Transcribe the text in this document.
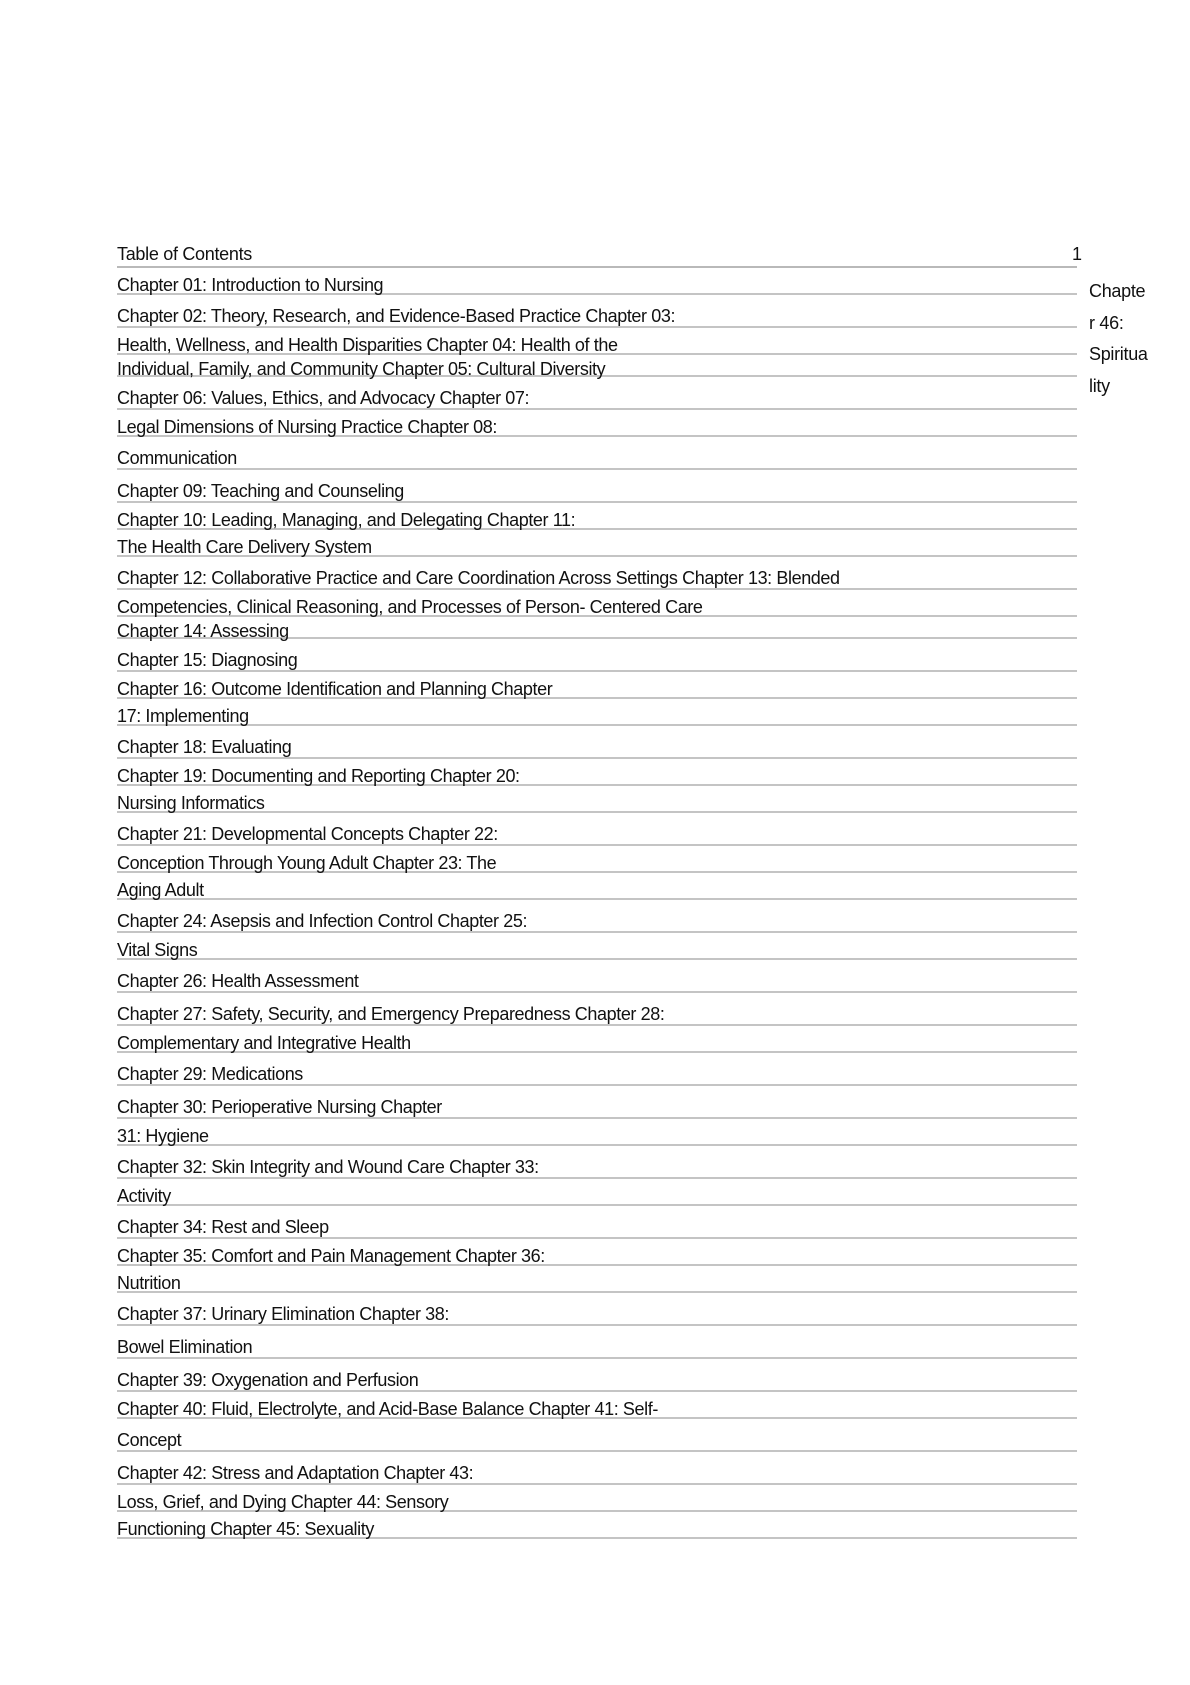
Table of Contents	1
Chapter 01: Introduction to Nursing
Chapter 02: Theory, Research, and Evidence-Based Practice Chapter 03:
Health, Wellness, and Health Disparities Chapter 04: Health of the
Individual, Family, and Community Chapter 05: Cultural Diversity
Chapter 06: Values, Ethics, and Advocacy Chapter 07:
Legal Dimensions of Nursing Practice Chapter 08:
Communication
Chapter 09: Teaching and Counseling
Chapter 10: Leading, Managing, and Delegating Chapter 11:
The Health Care Delivery System
Chapter 12: Collaborative Practice and Care Coordination Across Settings Chapter 13: Blended
Competencies, Clinical Reasoning, and Processes of Person- Centered Care
Chapter 14: Assessing
Chapter 15: Diagnosing
Chapter 16: Outcome Identification and Planning Chapter
17: Implementing
Chapter 18: Evaluating
Chapter 19: Documenting and Reporting Chapter 20:
Nursing Informatics
Chapter 21: Developmental Concepts Chapter 22:
Conception Through Young Adult Chapter 23: The
Aging Adult
Chapter 24: Asepsis and Infection Control Chapter 25:
Vital Signs
Chapter 26: Health Assessment
Chapter 27: Safety, Security, and Emergency Preparedness Chapter 28:
Complementary and Integrative Health
Chapter 29: Medications
Chapter 30: Perioperative Nursing Chapter
31: Hygiene
Chapter 32: Skin Integrity and Wound Care Chapter 33:
Activity
Chapter 34: Rest and Sleep
Chapter 35: Comfort and Pain Management Chapter 36:
Nutrition
Chapter 37: Urinary Elimination Chapter 38:
Bowel Elimination
Chapter 39: Oxygenation and Perfusion
Chapter 40: Fluid, Electrolyte, and Acid-Base Balance Chapter 41: Self-
Concept
Chapter 42: Stress and Adaptation Chapter 43:
Loss, Grief, and Dying Chapter 44: Sensory
Functioning Chapter 45: Sexuality
Chapte
r 46:
Spiritua
lity
